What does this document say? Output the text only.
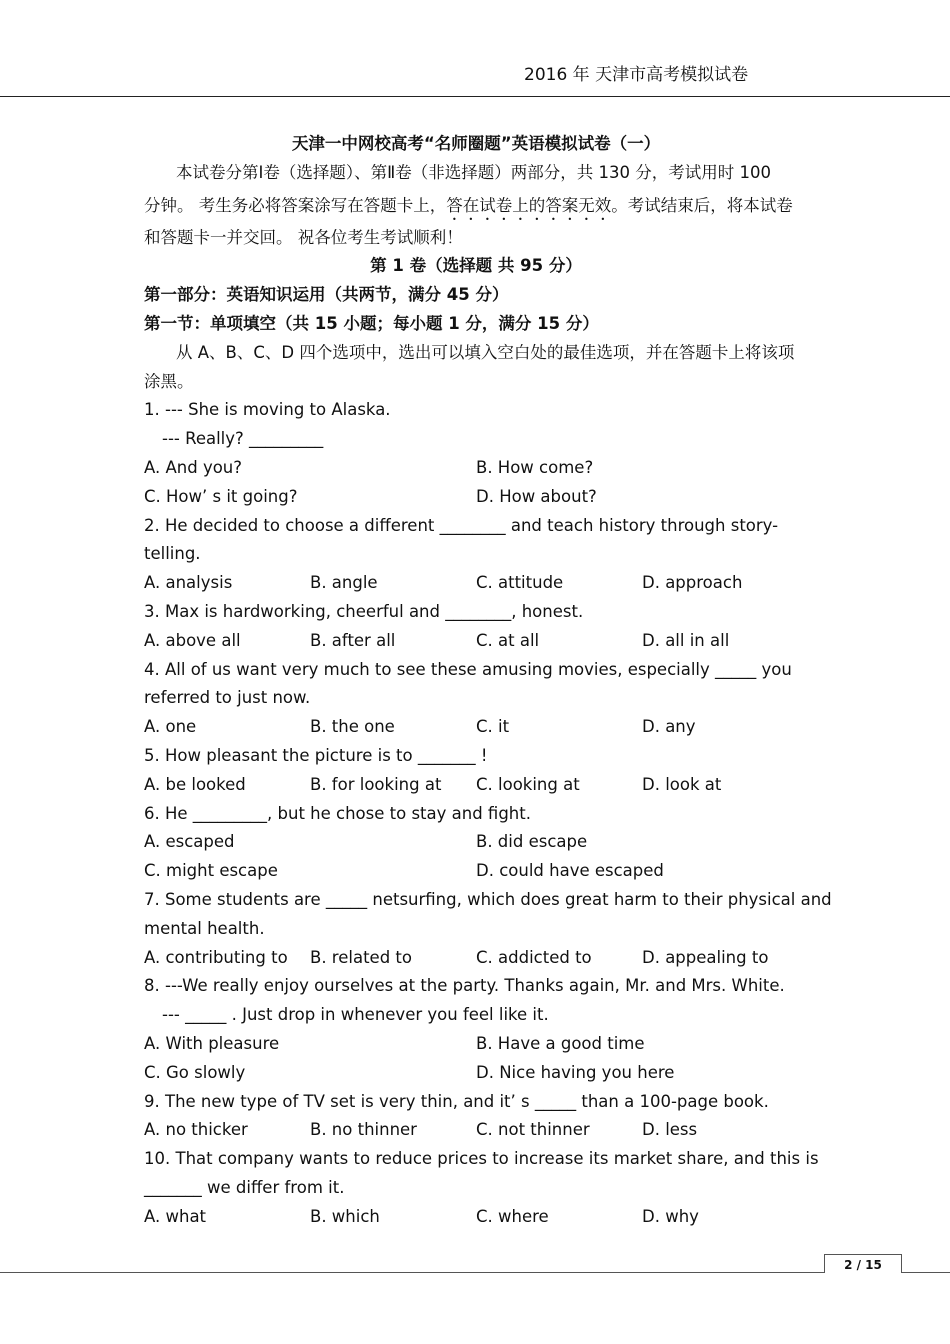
2016 年 天津市高考模拟试卷
天津一中网校高考“名师圈题”英语模拟试卷（一）
本试卷分第Ⅰ卷（选择题）、第Ⅱ卷（非选择题）两部分，共 130 分，考试用时 100
分钟。 考生务必将答案涂写在答题卡上，答在试卷上的答案无效。考试结束后，将本试卷
和答题卡一并交回。 祝各位考生考试顺利！
第 1 卷（选择题 共 95 分）
第一部分：英语知识运用（共两节，满分 45 分）
第一节：单项填空（共 15 小题；每小题 1 分，满分 15 分）
从 A、B、C、D 四个选项中，选出可以填入空白处的最佳选项，并在答题卡上将该项
涂黑。
1. --- She is moving to Alaska.
--- Really? _________
A. And you?	B. How come?
C. How’ s it going?	D. How about?
2. He decided to choose a different ________ and teach history through story-
telling.
A. analysis	B. angle	C. attitude	D. approach
3. Max is hardworking, cheerful and ________, honest.
A. above all	B. after all	C. at all	D. all in all
4. All of us want very much to see these amusing movies, especially _____ you
referred to just now.
A. one	B. the one	C. it	D. any
5. How pleasant the picture is to _______ !
A. be looked	B. for looking at	C. looking at	D. look at
6. He _________, but he chose to stay and fight.
A. escaped	B. did escape
C. might escape	D. could have escaped
7. Some students are _____ netsurfing, which does great harm to their physical and
mental health.
A. contributing to	B. related to	C. addicted to	D. appealing to
8. ---We really enjoy ourselves at the party. Thanks again, Mr. and Mrs. White.
--- _____ . Just drop in whenever you feel like it.
A. With pleasure	B. Have a good time
C. Go slowly	D. Nice having you here
9. The new type of TV set is very thin, and it’ s _____ than a 100-page book.
A. no thicker	B. no thinner	C. not thinner	D. less
10. That company wants to reduce prices to increase its market share, and this is
_______ we differ from it.
A. what	B. which	C. where	D. why
2 / 15
